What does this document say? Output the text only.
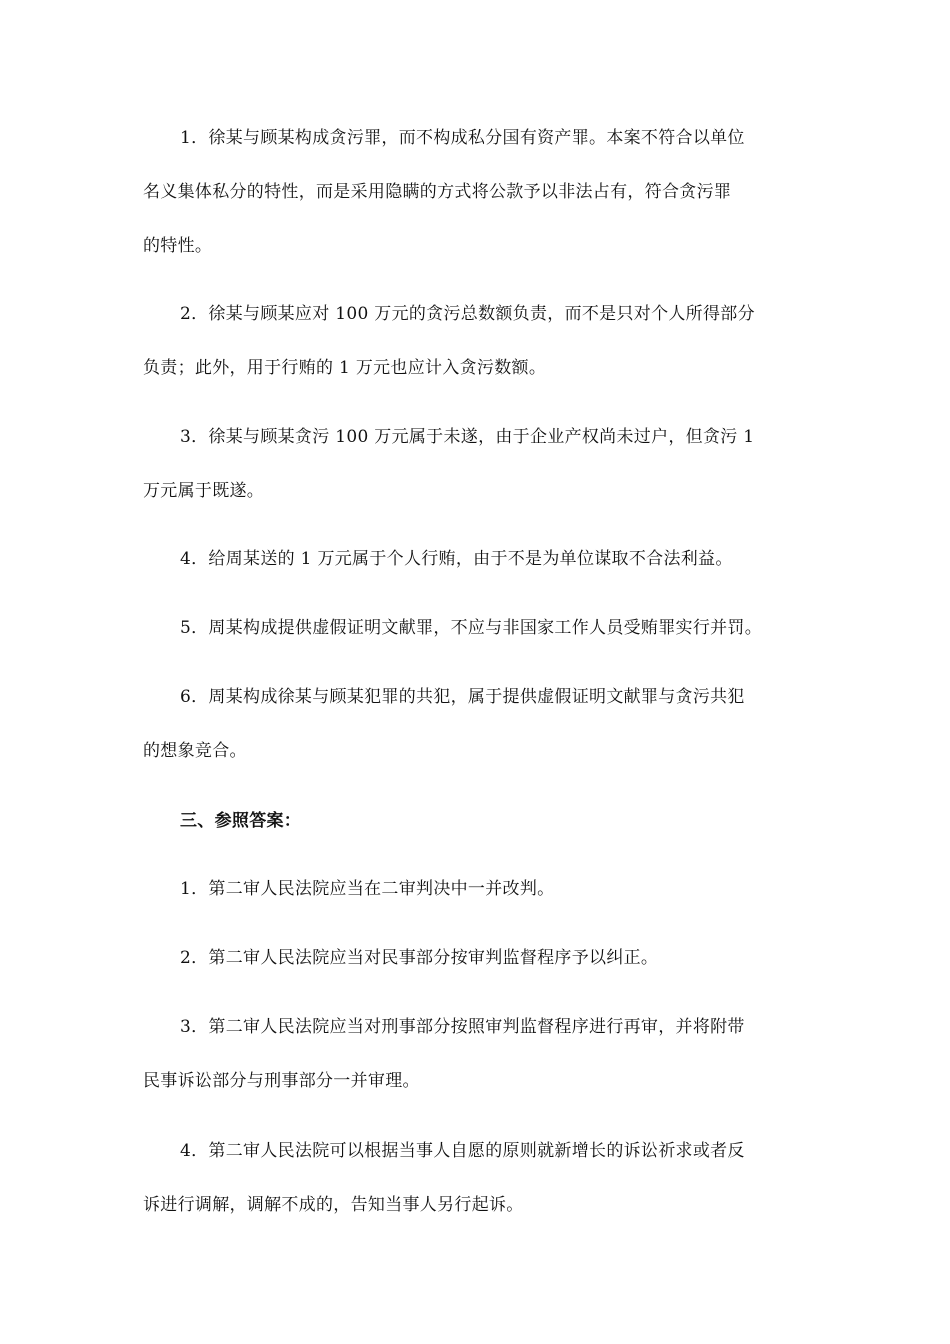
1．徐某与顾某构成贪污罪，而不构成私分国有资产罪。本案不符合以单位
名义集体私分的特性，而是采用隐瞒的方式将公款予以非法占有，符合贪污罪
的特性。
2．徐某与顾某应对 100 万元的贪污总数额负责，而不是只对个人所得部分
负责；此外，用于行贿的 1 万元也应计入贪污数额。
3．徐某与顾某贪污 100 万元属于未遂，由于企业产权尚未过户，但贪污 1
万元属于既遂。
4．给周某送的 1 万元属于个人行贿，由于不是为单位谋取不合法利益。
5．周某构成提供虚假证明文献罪，不应与非国家工作人员受贿罪实行并罚。
6．周某构成徐某与顾某犯罪的共犯，属于提供虚假证明文献罪与贪污共犯
的想象竞合。
三、参照答案：
1．第二审人民法院应当在二审判决中一并改判。
2．第二审人民法院应当对民事部分按审判监督程序予以纠正。
3．第二审人民法院应当对刑事部分按照审判监督程序进行再审，并将附带
民事诉讼部分与刑事部分一并审理。
4．第二审人民法院可以根据当事人自愿的原则就新增长的诉讼祈求或者反
诉进行调解，调解不成的，告知当事人另行起诉。
